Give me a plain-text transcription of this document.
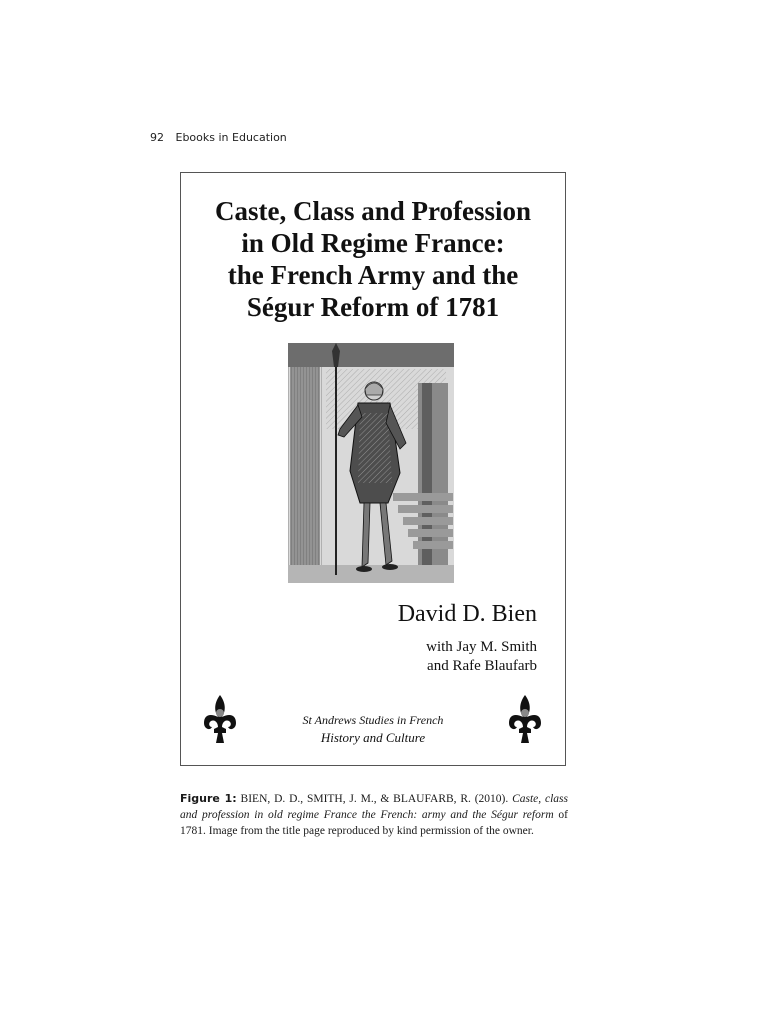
92 Ebooks in Education
Caste, Class and Profession
in Old Regime France:
the French Army and the
Ségur Reform of 1781
David D. Bien
with Jay M. Smith
and Rafe Blaufarb
St Andrews Studies in French
History and Culture

Figure 1: BIEN, D. D., SMITH, J. M., & BLAUFARB, R. (2010). Caste, class and profession in old regime France the French: army and the Ségur reform of 1781. Image from the title page reproduced by kind permission of the owner.
